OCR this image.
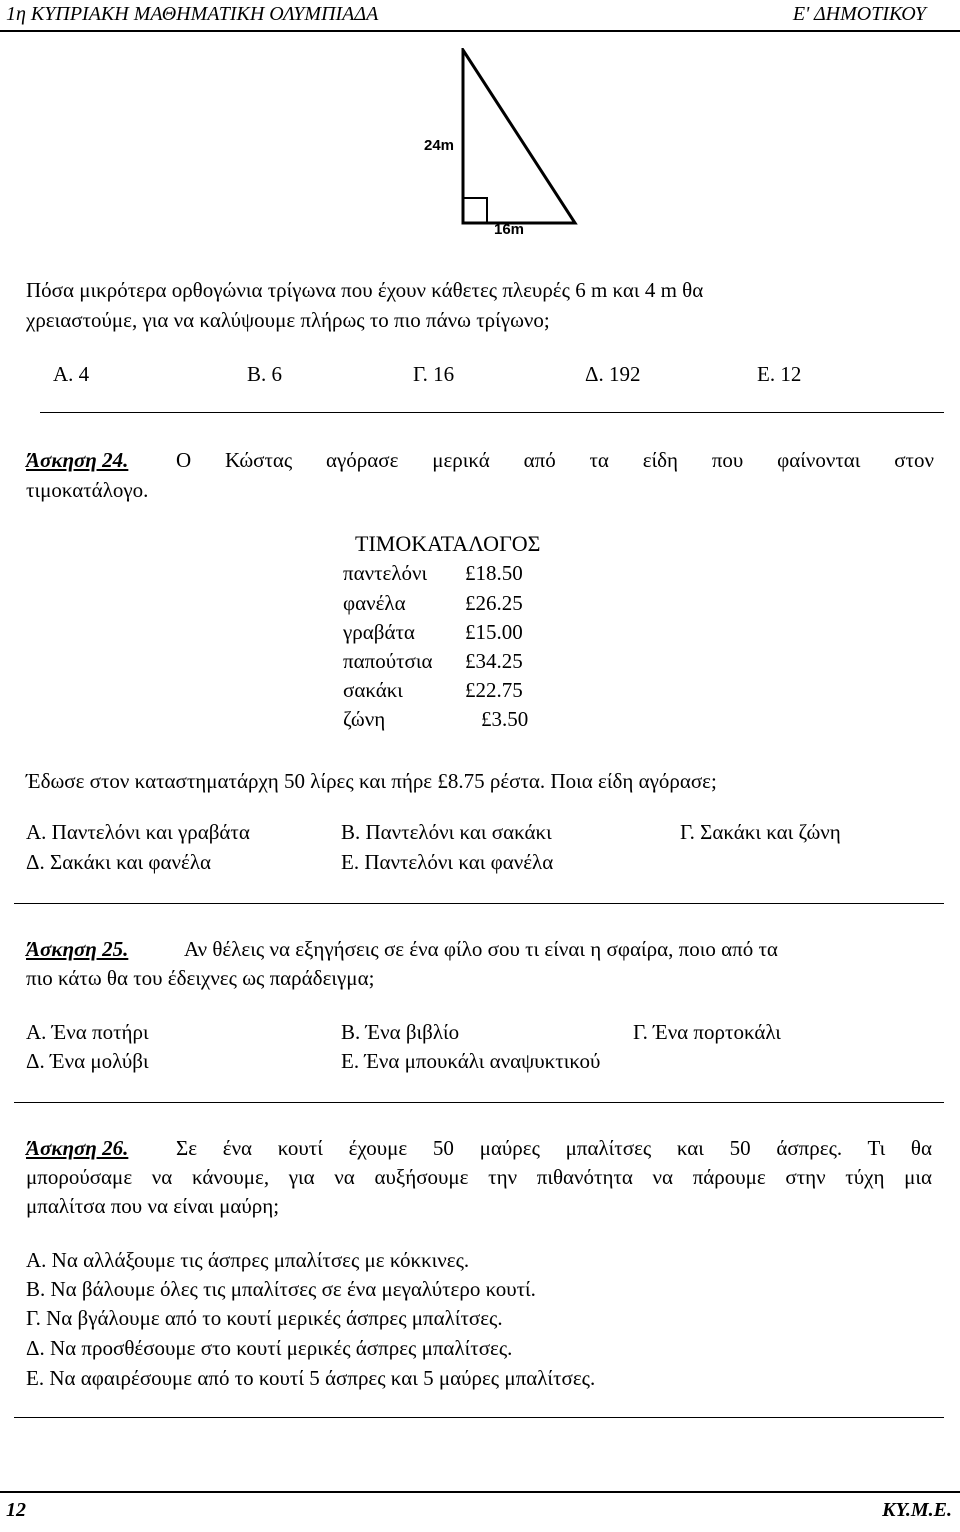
1η ΚΥΠΡΙΑΚΗ ΜΑΘΗΜΑΤΙΚΗ ΟΛΥΜΠΙΑΔΑ	Ε' ΔΗΜΟΤΙΚΟΥ
24m
16m
Πόσα μικρότερα ορθογώνια τρίγωνα που έχουν κάθετες πλευρές 6 m και 4 m θα
χρειαστούμε, για να καλύψουμε πλήρως το πιο πάνω τρίγωνο;
Α. 4	Β. 6	Γ. 16	Δ. 192	Ε. 12
Άσκηση 24. Ο Κώστας αγόρασε μερικά από τα είδη που φαίνονται στον
τιμοκατάλογο.
ΤΙΜΟΚΑΤΑΛΟΓΟΣ
παντελόνι £18.50
φανέλα	£26.25
γραβάτα £15.00
παπούτσια £34.25
σακάκι	£22.75
ζώνη	£3.50
Έδωσε στον καταστηματάρχη 50 λίρες και πήρε £8.75 ρέστα. Ποια είδη αγόρασε;
Α. Παντελόνι και γραβάτα	Β. Παντελόνι και σακάκι	Γ. Σακάκι και ζώνη
Δ. Σακάκι και φανέλα	Ε. Παντελόνι και φανέλα
Άσκηση 25.	Αν θέλεις να εξηγήσεις σε ένα φίλο σου τι είναι η σφαίρα, ποιο από τα
πιο κάτω θα του έδειχνες ως παράδειγμα;
Α. Ένα ποτήρι	Β. Ένα βιβλίο	Γ. Ένα πορτοκάλι
Δ. Ένα μολύβι	Ε. Ένα μπουκάλι αναψυκτικού
Άσκηση 26. Σε ένα κουτί έχουμε 50 μαύρες μπαλίτσες και 50 άσπρες. Τι θα
μπορούσαμε να κάνουμε, για να αυξήσουμε την πιθανότητα να πάρουμε στην τύχη μια
μπαλίτσα που να είναι μαύρη;
Α. Να αλλάξουμε τις άσπρες μπαλίτσες με κόκκινες.
Β. Να βάλουμε όλες τις μπαλίτσες σε ένα μεγαλύτερο κουτί.
Γ. Να βγάλουμε από το κουτί μερικές άσπρες μπαλίτσες.
Δ. Να προσθέσουμε στο κουτί μερικές άσπρες μπαλίτσες.
Ε. Να αφαιρέσουμε από το κουτί 5 άσπρες και 5 μαύρες μπαλίτσες.
12	ΚΥ.Μ.Ε.
